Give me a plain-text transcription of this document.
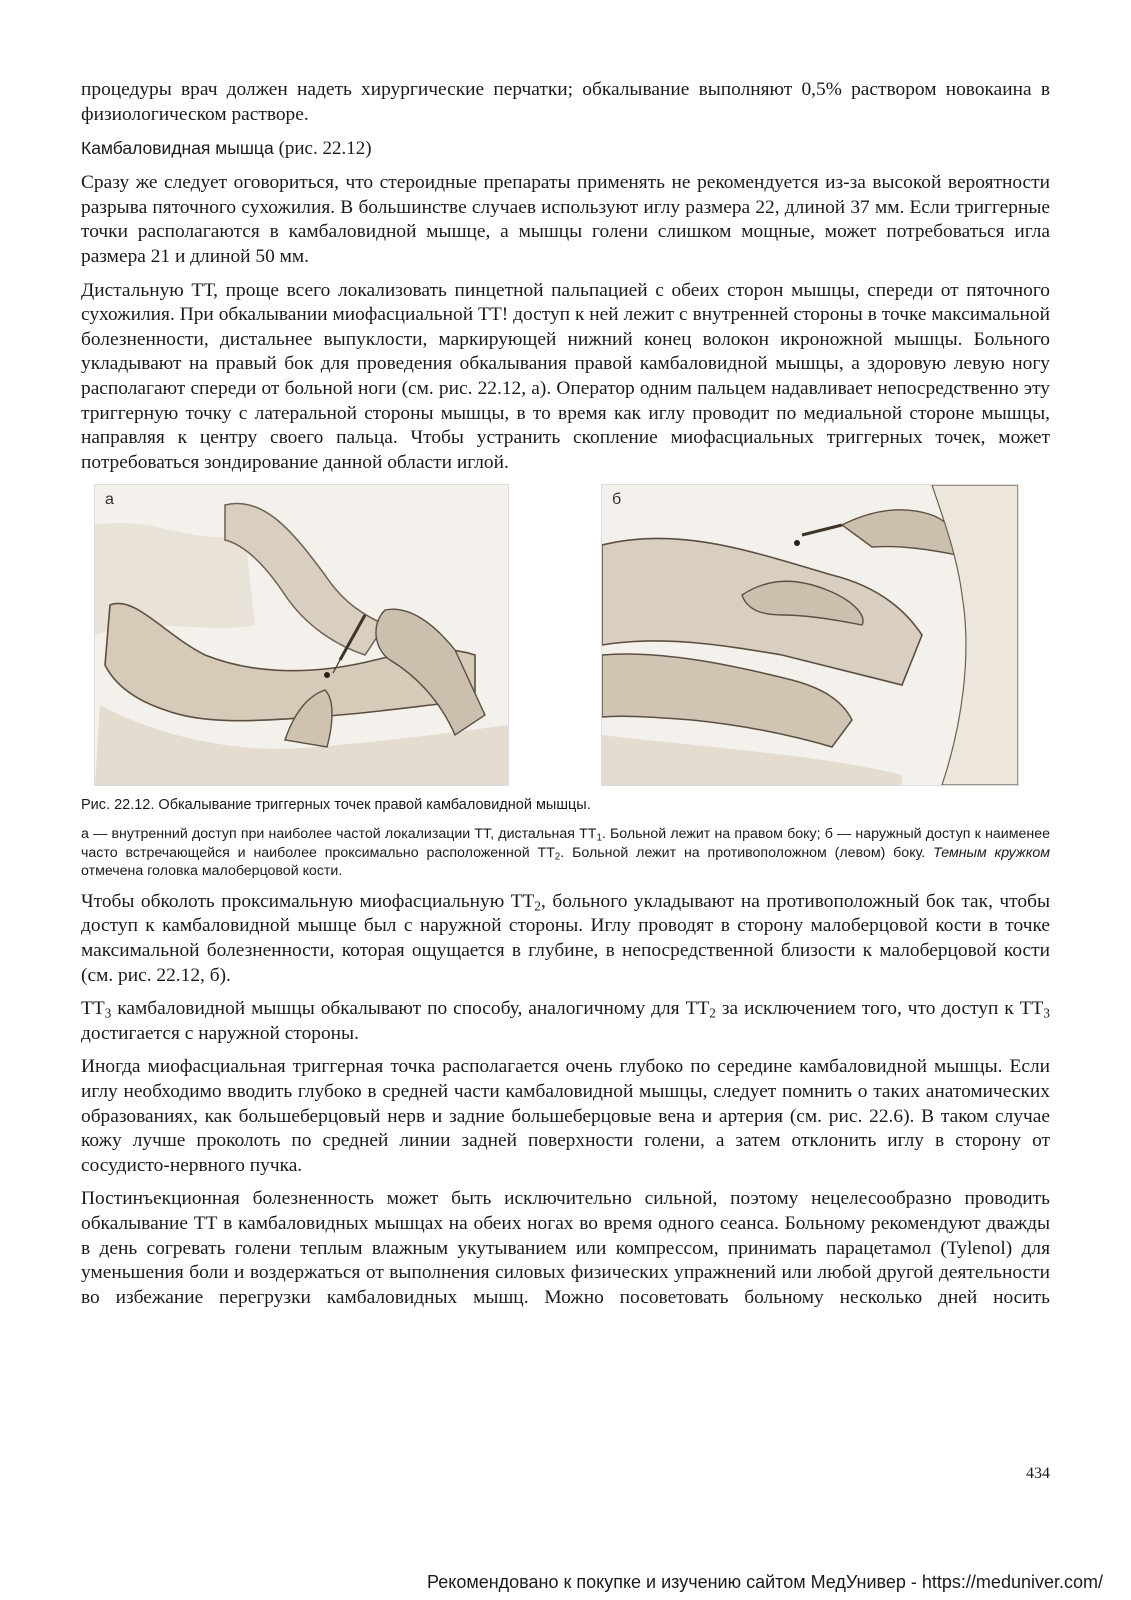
процедуры врач должен надеть хирургические перчатки; обкалывание выполняют 0,5% раствором новокаина в физиологическом растворе.

Камбаловидная мышца (рис. 22.12)

Сразу же следует оговориться, что стероидные препараты применять не рекомендуется из-за высокой вероятности разрыва пяточного сухожилия. В большинстве случаев используют иглу размера 22, длиной 37 мм. Если триггерные точки располагаются в камбаловидной мышце, а мышцы голени слишком мощные, может потребоваться игла размера 21 и длиной 50 мм.

Дистальную ТТ, проще всего локализовать пинцетной пальпацией с обеих сторон мышцы, спереди от пяточного сухожилия. При обкалывании миофасциальной ТТ! доступ к ней лежит с внутренней стороны в точке максимальной болезненности, дистальнее выпуклости, маркирующей нижний конец волокон икроножной мышцы. Больного укладывают на правый бок для проведения обкалывания правой камбаловидной мышцы, а здоровую левую ногу располагают спереди от больной ноги (см. рис. 22.12, а). Оператор одним пальцем надавливает непосредственно эту триггерную точку с латеральной стороны мышцы, в то время как иглу проводит по медиальной стороне мышцы, направляя к центру своего пальца. Чтобы устранить скопление миофасциальных триггерных точек, может потребоваться зондирование данной области иглой.

а	б
Рис. 22.12. Обкалывание триггерных точек правой камбаловидной мышцы.
а — внутренний доступ при наиболее частой локализации ТТ, дистальная $ТТ_1$. Больной лежит на правом боку; б — наружный доступ к наименее часто встречающейся и наиболее проксимально расположенной $ТТ_2$. Больной лежит на противоположном (левом) боку. Темным кружком отмечена головка малоберцовой кости.

Чтобы обколоть проксимальную миофасциальную $ТТ_2$, больного укладывают на противоположный бок так, чтобы доступ к камбаловидной мышце был с наружной стороны. Иглу проводят в сторону малоберцовой кости в точке максимальной болезненности, которая ощущается в глубине, в непосредственной близости к малоберцовой кости (см. рис. 22.12, б).

$ТТ_3$ камбаловидной мышцы обкалывают по способу, аналогичному для $ТТ_2$ за исключением того, что доступ к $ТТ_3$ достигается с наружной стороны.

Иногда миофасциальная триггерная точка располагается очень глубоко по середине камбаловидной мышцы. Если иглу необходимо вводить глубоко в средней части камбаловидной мышцы, следует помнить о таких анатомических образованиях, как большеберцовый нерв и задние большеберцовые вена и артерия (см. рис. 22.6). В таком случае кожу лучше проколоть по средней линии задней поверхности голени, а затем отклонить иглу в сторону от сосудисто-нервного пучка.

Постинъекционная болезненность может быть исключительно сильной, поэтому нецелесообразно проводить обкалывание ТТ в камбаловидных мышцах на обеих ногах во время одного сеанса. Больному рекомендуют дважды в день согревать голени теплым влажным укутыванием или компрессом, принимать парацетамол (Tylenol) для уменьшения боли и воздержаться от выполнения силовых физических упражнений или любой другой деятельности во избежание перегрузки камбаловидных мышц. Можно посоветовать больному несколько дней носить

434
Рекомендовано к покупке и изучению сайтом МедУнивер - https://meduniver.com/
